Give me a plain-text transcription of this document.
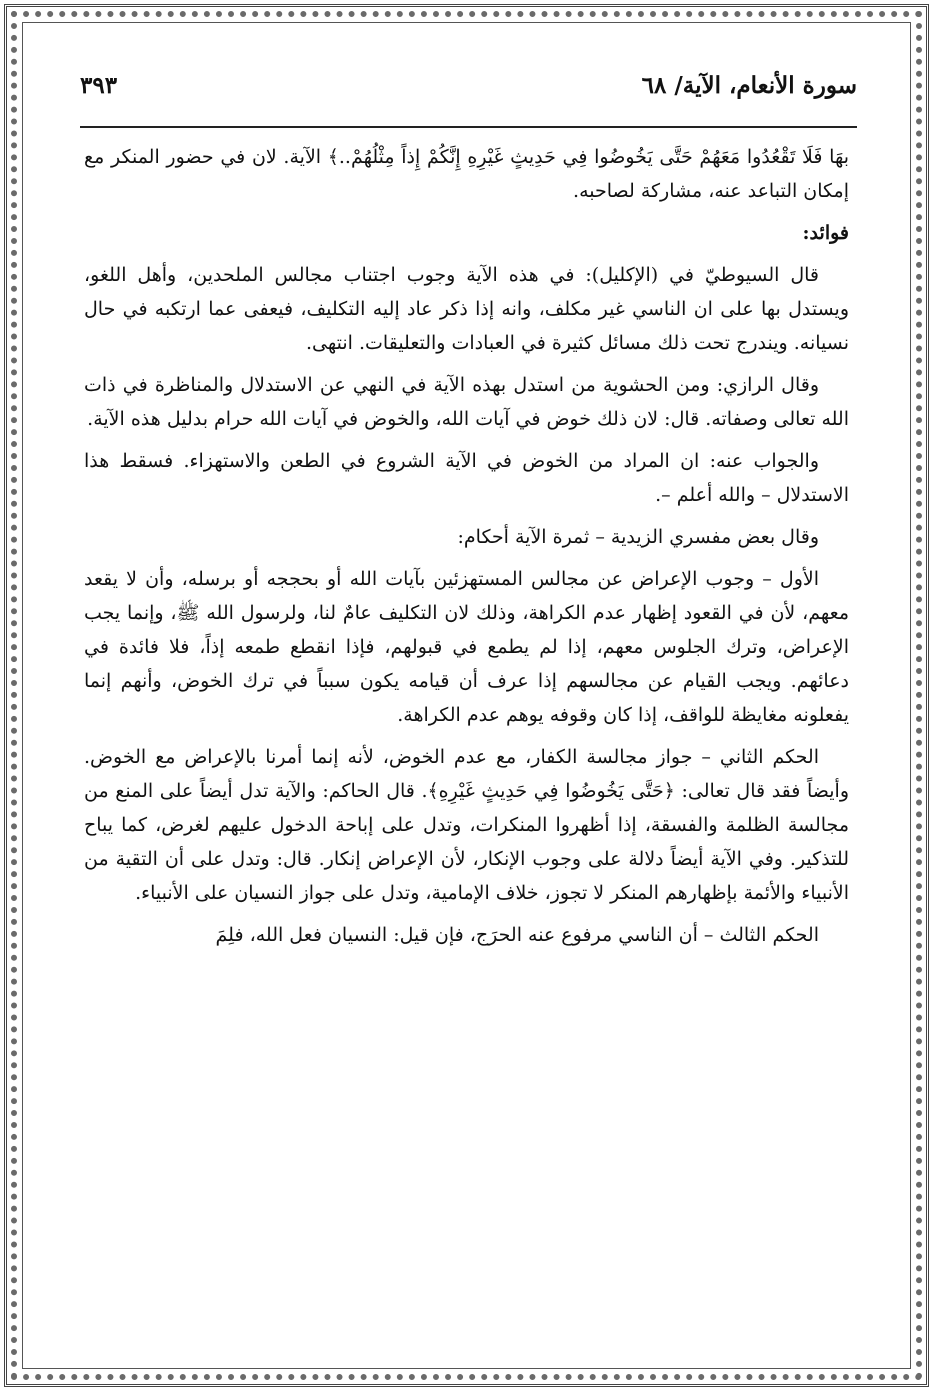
سورة الأنعام، الآية/ ٦٨
٣٩٣

بهَا فَلَا تَقْعُدُوا مَعَهُمْ حَتَّى يَخُوضُوا فِي حَدِيثٍ غَيْرِهِ إِنَّكُمْ إِذاً مِثْلُهُمْ..﴾ الآية. لان في حضور المنكر مع إمكان التباعد عنه، مشاركة لصاحبه.

فوائد:

قال السيوطيّ في (الإكليل): في هذه الآية وجوب اجتناب مجالس الملحدين، وأهل اللغو، ويستدل بها على ان الناسي غير مكلف، وانه إذا ذكر عاد إليه التكليف، فيعفى عما ارتكبه في حال نسيانه. ويندرج تحت ذلك مسائل كثيرة في العبادات والتعليقات. انتهى.

وقال الرازي: ومن الحشوية من استدل بهذه الآية في النهي عن الاستدلال والمناظرة في ذات الله تعالى وصفاته. قال: لان ذلك خوض في آيات الله، والخوض في آيات الله حرام بدليل هذه الآية.

والجواب عنه: ان المراد من الخوض في الآية الشروع في الطعن والاستهزاء. فسقط هذا الاستدلال – والله أعلم –.

وقال بعض مفسري الزيدية – ثمرة الآية أحكام:

الأول – وجوب الإعراض عن مجالس المستهزئين بآيات الله أو بحججه أو برسله، وأن لا يقعد معهم، لأن في القعود إظهار عدم الكراهة، وذلك لان التكليف عامٌ لنا، ولرسول الله ﷺ، وإنما يجب الإعراض، وترك الجلوس معهم، إذا لم يطمع في قبولهم، فإذا انقطع طمعه إذاً، فلا فائدة في دعائهم. ويجب القيام عن مجالسهم إذا عرف أن قيامه يكون سبباً في ترك الخوض، وأنهم إنما يفعلونه مغايظة للواقف، إذا كان وقوفه يوهم عدم الكراهة.

الحكم الثاني – جواز مجالسة الكفار، مع عدم الخوض، لأنه إنما أمرنا بالإعراض مع الخوض. وأيضاً فقد قال تعالى: ﴿حَتَّى يَخُوضُوا فِي حَدِيثٍ غَيْرِهِ﴾. قال الحاكم: والآية تدل أيضاً على المنع من مجالسة الظلمة والفسقة، إذا أظهروا المنكرات، وتدل على إباحة الدخول عليهم لغرض، كما يباح للتذكير. وفي الآية أيضاً دلالة على وجوب الإنكار، لأن الإعراض إنكار. قال: وتدل على أن التقية من الأنبياء والأئمة بإظهارهم المنكر لا تجوز، خلاف الإمامية، وتدل على جواز النسيان على الأنبياء.

الحكم الثالث – أن الناسي مرفوع عنه الحرَج، فإن قيل: النسيان فعل الله، فلِمَ
